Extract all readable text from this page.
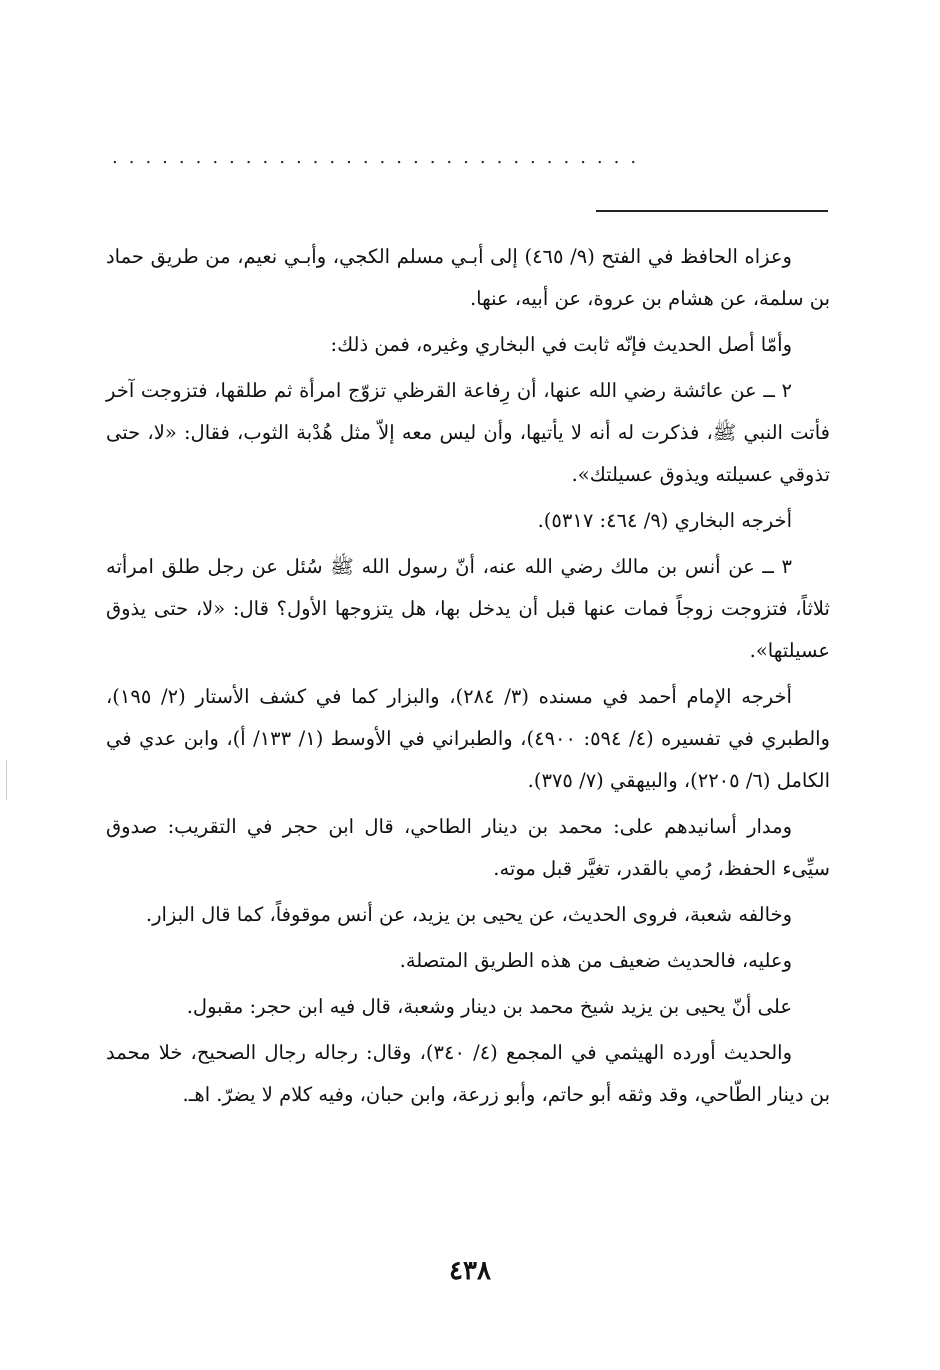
................................

وعزاه الحافظ في الفتح (٩/ ٤٦٥) إلى أبـي مسلم الكجي، وأبـي نعيم، من طريق حماد بن سلمة، عن هشام بن عروة، عن أبيه، عنها.

وأمّا أصل الحديث فإنّه ثابت في البخاري وغيره، فمن ذلك:

٢ ــ عن عائشة رضي الله عنها، أن رِفاعة القرظي تزوّج امرأة ثم طلقها، فتزوجت آخر فأتت النبي ﷺ، فذكرت له أنه لا يأتيها، وأن ليس معه إلاّ مثل هُدْبة الثوب، فقال: «لا، حتى تذوقي عسيلته ويذوق عسيلتك».

أخرجه البخاري (٩/ ٤٦٤: ٥٣١٧).

٣ ــ عن أنس بن مالك رضي الله عنه، أنّ رسول الله ﷺ سُئل عن رجل طلق امرأته ثلاثاً، فتزوجت زوجاً فمات عنها قبل أن يدخل بها، هل يتزوجها الأول؟ قال: «لا، حتى يذوق عسيلتها».

أخرجه الإمام أحمد في مسنده (٣/ ٢٨٤)، والبزار كما في كشف الأستار (٢/ ١٩٥)، والطبري في تفسيره (٤/ ٥٩٤: ٤٩٠٠)، والطبراني في الأوسط (١/ ١٣٣/ أ)، وابن عدي في الكامل (٦/ ٢٢٠٥)، والبيهقي (٧/ ٣٧٥).

ومدار أسانيدهم على: محمد بن دينار الطاحي، قال ابن حجر في التقريب: صدوق سيِّىء الحفظ، رُمي بالقدر، تغيَّر قبل موته.

وخالفه شعبة، فروى الحديث، عن يحيى بن يزيد، عن أنس موقوفاً، كما قال البزار.

وعليه، فالحديث ضعيف من هذه الطريق المتصلة.

على أنّ يحيى بن يزيد شيخ محمد بن دينار وشعبة، قال فيه ابن حجر: مقبول.

والحديث أورده الهيثمي في المجمع (٤/ ٣٤٠)، وقال: رجاله رجال الصحيح، خلا محمد بن دينار الطّاحي، وقد وثقه أبو حاتم، وأبو زرعة، وابن حبان، وفيه كلام لا يضرّ. اهـ.

٤٣٨
